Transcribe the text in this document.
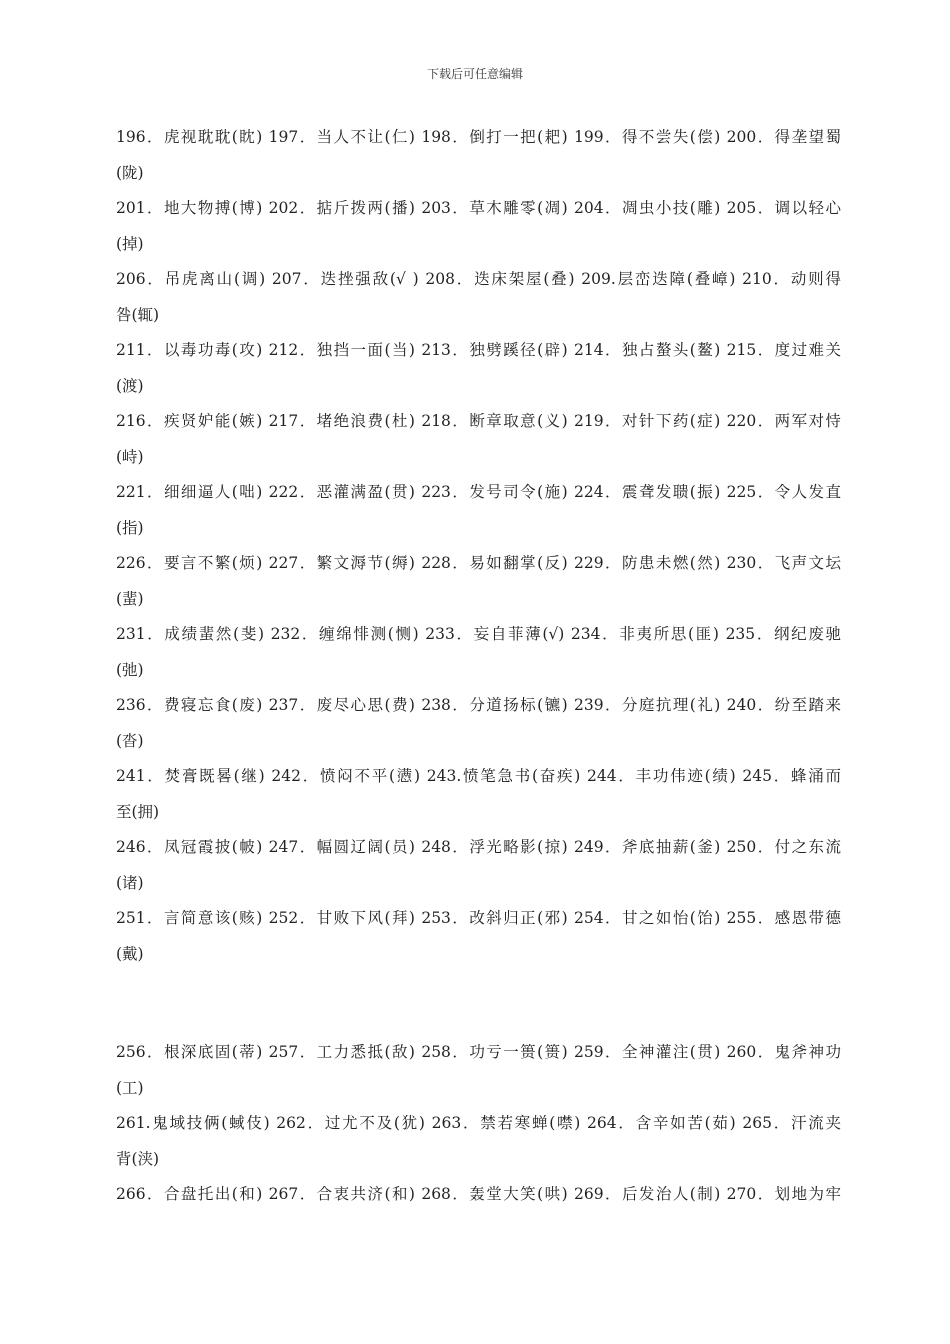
下载后可任意编辑
196．虎视耽耽(眈) 197．当人不让(仁) 198．倒打一把(耙) 199．得不尝失(偿) 200．得垄望蜀
(陇)
201．地大物搏(博) 202．掂斤拨两(播) 203．草木雕零(凋) 204．凋虫小技(雕) 205．调以轻心
(掉)
206．吊虎离山(调) 207．迭挫强敌(√ ) 208．迭床架屋(叠) 209.层峦迭障(叠嶂) 210．动则得
咎(辄)
211．以毒功毒(攻) 212．独挡一面(当) 213．独劈蹊径(辟) 214．独占螯头(鳌) 215．度过难关
(渡)
216．疾贤妒能(嫉) 217．堵绝浪费(杜) 218．断章取意(义) 219．对针下药(症) 220．两军对恃
(峙)
221．细细逼人(咄) 222．恶灌满盈(贯) 223．发号司令(施) 224．震聋发聩(振) 225．令人发直
(指)
226．要言不繁(烦) 227．繁文溽节(缛) 228．易如翻掌(反) 229．防患未燃(然) 230．飞声文坛
(蜚)
231．成绩蜚然(斐) 232．缠绵悱测(恻) 233．妄自菲薄(√) 234．非夷所思(匪) 235．纲纪废驰
(弛)
236．费寝忘食(废) 237．废尽心思(费) 238．分道扬标(镳) 239．分庭抗理(礼) 240．纷至踏来
(沓)
241．焚膏既晷(继) 242．愤闷不平(懑) 243.愤笔急书(奋疾) 244．丰功伟迹(绩) 245．蜂涌而
至(拥)
246．凤冠霞披(帔) 247．幅圆辽阔(员) 248．浮光略影(掠) 249．斧底抽薪(釜) 250．付之东流
(诸)
251．言简意该(赅) 252．甘败下风(拜) 253．改斜归正(邪) 254．甘之如怡(饴) 255．感恩带德
(戴)
256．根深底固(蒂) 257．工力悉抵(敌) 258．功亏一篑(篑) 259．全神灌注(贯) 260．鬼斧神功
(工)
261.鬼域技俩(蜮伎) 262．过尤不及(犹) 263．禁若寒蝉(噤) 264．含辛如苦(茹) 265．汗流夹
背(浃)
266．合盘托出(和) 267．合衷共济(和) 268．轰堂大笑(哄) 269．后发治人(制) 270．划地为牢
